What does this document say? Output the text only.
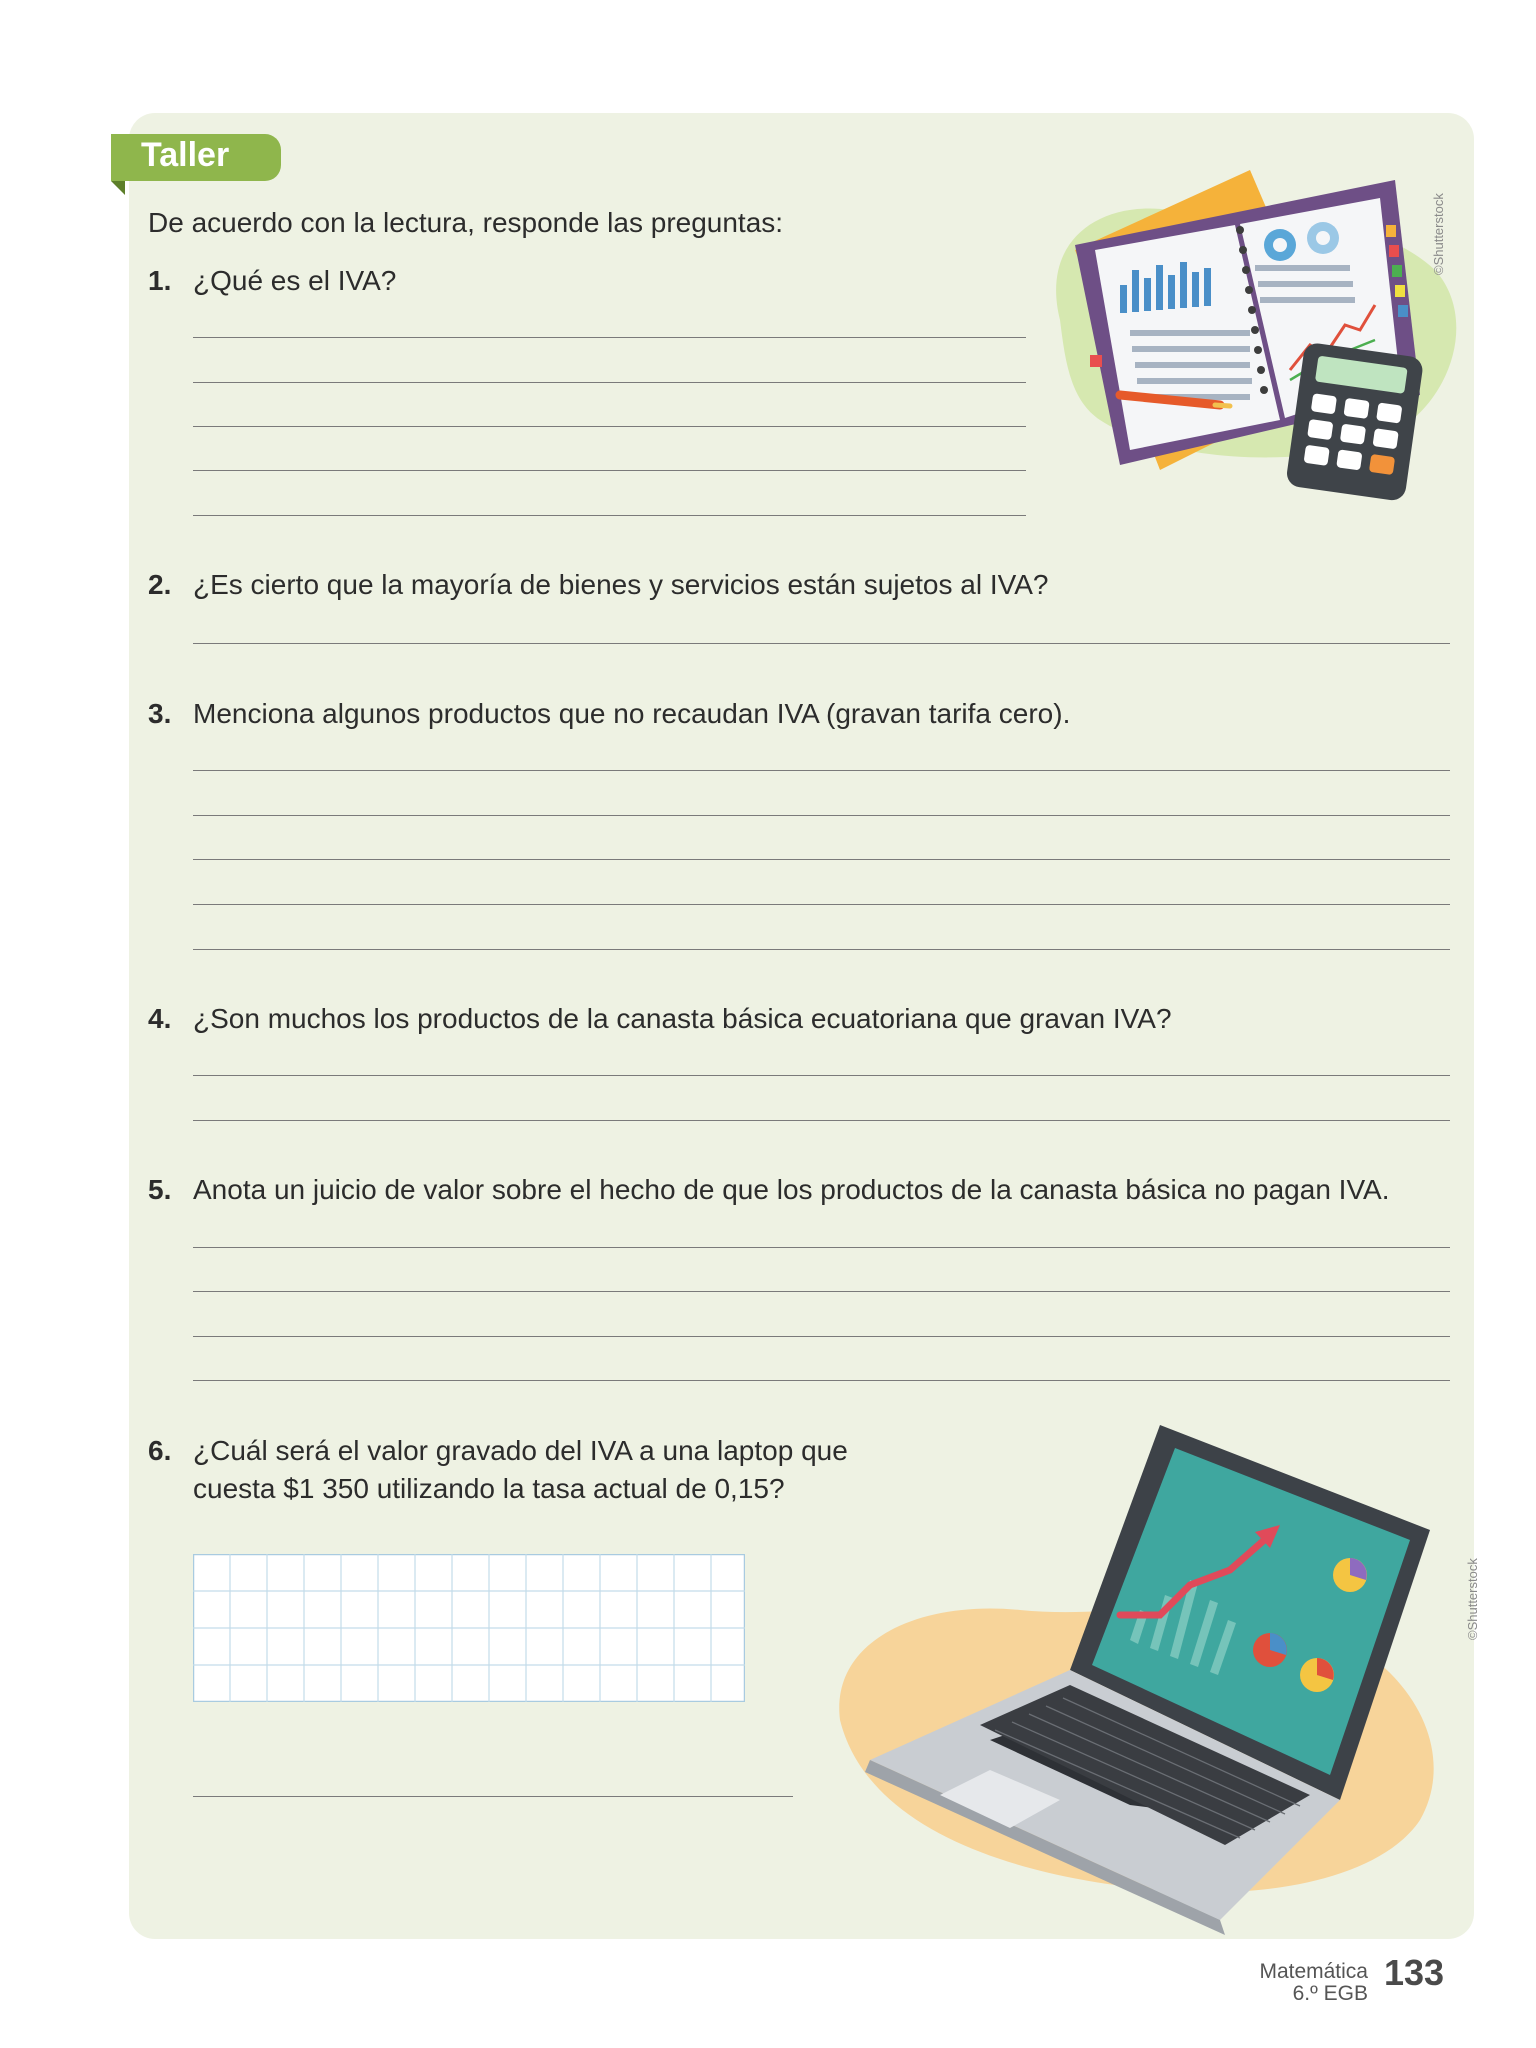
Taller
De acuerdo con la lectura, responde las preguntas:
1. ¿Qué es el IVA?
2. ¿Es cierto que la mayoría de bienes y servicios están sujetos al IVA?
3. Menciona algunos productos que no recaudan IVA (gravan tarifa cero).
4. ¿Son muchos los productos de la canasta básica ecuatoriana que gravan IVA?
5. Anota un juicio de valor sobre el hecho de que los productos de la canasta básica no pagan IVA.
6. ¿Cuál será el valor gravado del IVA a una laptop que
cuesta $1 350 utilizando la tasa actual de 0,15?
©Shutterstock
©Shutterstock
Matemática
6.º EGB
133
